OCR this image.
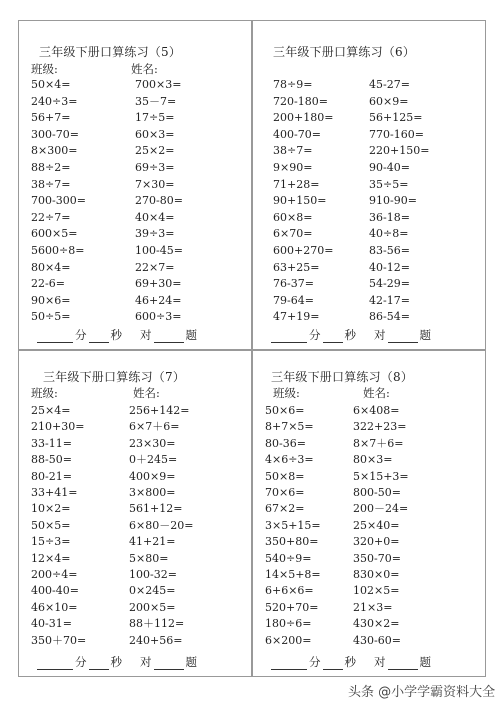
三年级下册口算练习（5）
班级:	姓名:
50×4=	700×3=
240÷3=	35－7=
56+7=	17÷5=
300-70=	60×3=
8×300=	25×2=
88÷2=	69÷3=
38÷7=	7×30=
700-300=	270-80=
22÷7=	40×4=
600×5=	39÷3=
5600÷8=	100-45=
80×4=	22×7=
22-6=	69+30=
90×6=	46+24=
50÷5=	600÷3=
分 秒 对	题
三年级下册口算练习（6）
78÷9=	45-27=
720-180=	60×9=
200+180=	56+125=
400-70=	770-160=
38÷7=	220+150=
9×90=	90-40=
71+28=	35÷5=
90+150=	910-90=
60×8=	36-18=
6×70=	40÷8=
600+270=	83-56=
63+25=	40-12=
76-37=	54-29=
79-64=	42-17=
47+19=	86-54=
分 秒 对	题
三年级下册口算练习（7）
班级:	姓名:
25×4=	256+142=
210+30=	6×7＋6=
33-11=	23×30=
88-50=	0＋245=
80-21=	400×9=
33+41=	3×800=
10×2=	561+12=
50×5=	6×80－20=
15÷3=	41+21=
12×4=	5×80=
200÷4=	100-32=
400-40=	0×245=
46×10=	200×5=
40-31=	88＋112=
350＋70=	240+56=
分 秒 对	题
三年级下册口算练习（8）
班级:	姓名:
50×6=	6×408=
8+7×5=	322+23=
80-36=	8×7＋6=
4×6÷3=	80×3=
50×8=	5×15+3=
70×6=	800-50=
67×2=	200－24=
3×5+15=	25×40=
350+80=	320+0=
540÷9=	350-70=
14×5+8=	830×0=
6+6×6=	102×5=
520+70=	21×3=
180÷6=	430×2=
6×200=	430-60=
分 秒 对	题
头条 @小学学霸资料大全
